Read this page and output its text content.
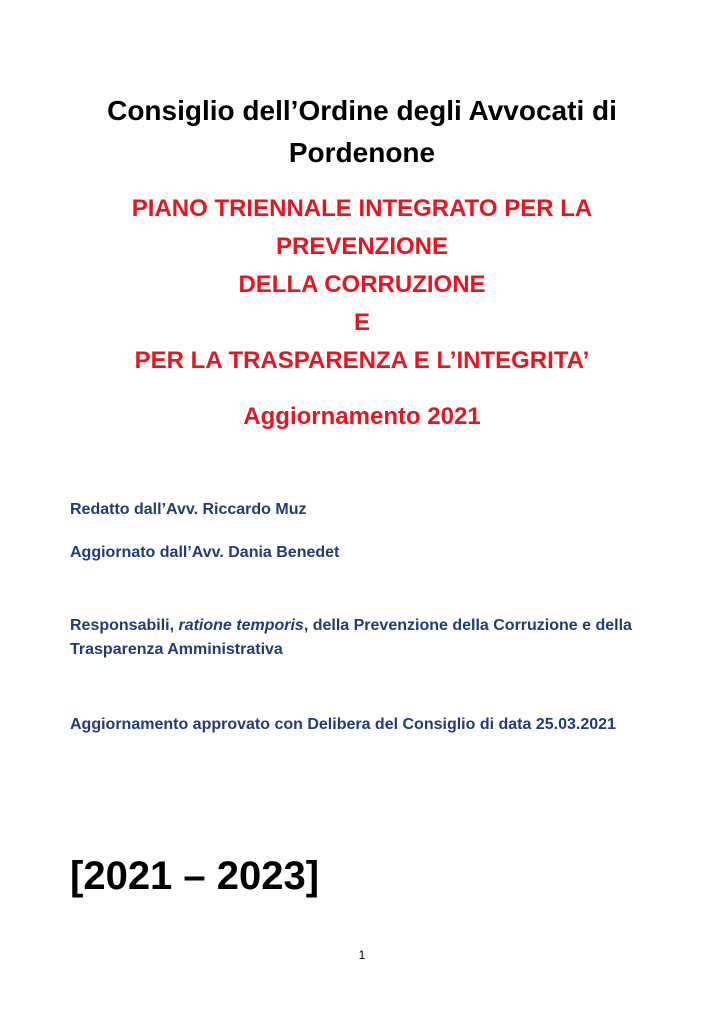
Consiglio dell’Ordine degli Avvocati di
Pordenone
PIANO TRIENNALE INTEGRATO PER LA
PREVENZIONE
DELLA CORRUZIONE
E
PER LA TRASPARENZA E L’INTEGRITA’
Aggiornamento 2021
Redatto dall’Avv. Riccardo Muz
Aggiornato dall’Avv. Dania Benedet
Responsabili, ratione temporis, della Prevenzione della Corruzione e della Trasparenza Amministrativa
Aggiornamento approvato con Delibera del Consiglio di data 25.03.2021
[2021 – 2023]
1
